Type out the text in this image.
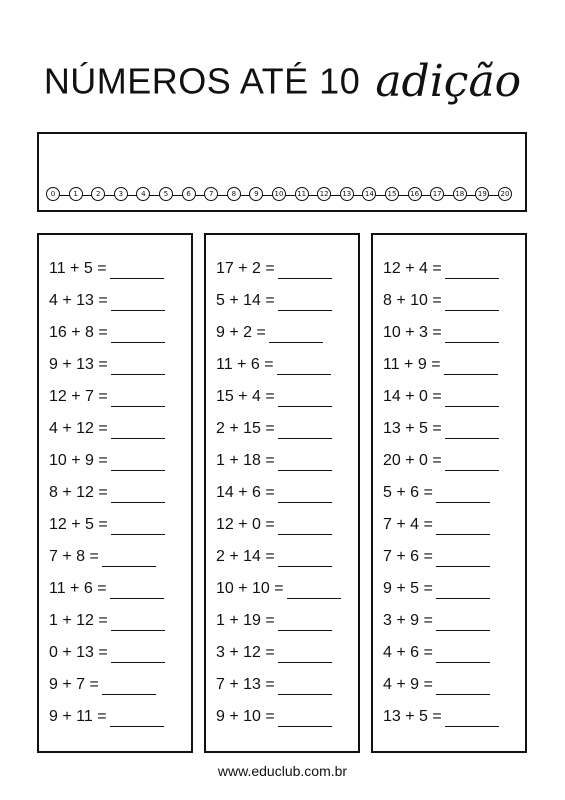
NÚMEROS ATÉ 10 adição
0	1	2	3	4	5	6	7	8	9	10	11	12	13	14	15	16	17	18	19	20
11 + 5 =
4 + 13 =
16 + 8 =
9 + 13 =
12 + 7 =
4 + 12 =
10 + 9 =
8 + 12 =
12 + 5 =
7 + 8 =
11 + 6 =
1 + 12 =
0 + 13 =
9 + 7 =
9 + 11 =
17 + 2 =
5 + 14 =
9 + 2 =
11 + 6 =
15 + 4 =
2 + 15 =
1 + 18 =
14 + 6 =
12 + 0 =
2 + 14 =
10 + 10 =
1 + 19 =
3 + 12 =
7 + 13 =
9 + 10 =
12 + 4 =
8 + 10 =
10 + 3 =
11 + 9 =
14 + 0 =
13 + 5 =
20 + 0 =
5 + 6 =
7 + 4 =
7 + 6 =
9 + 5 =
3 + 9 =
4 + 6 =
4 + 9 =
13 + 5 =
www.educlub.com.br
